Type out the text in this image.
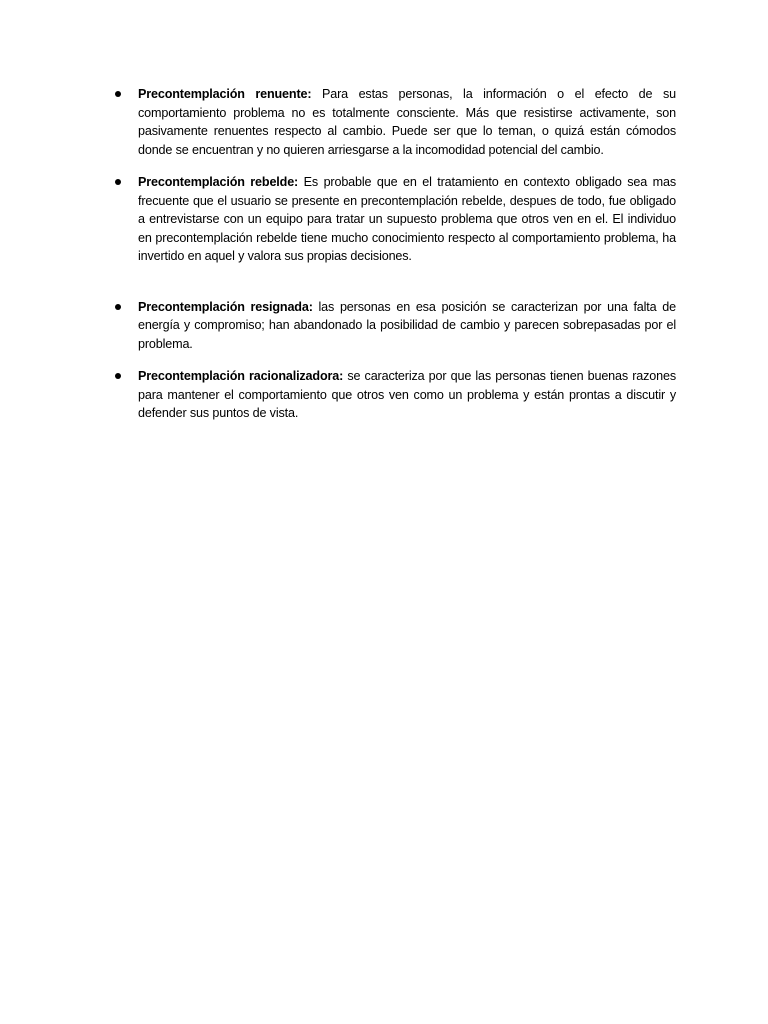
Precontemplación renuente: Para estas personas, la información o el efecto de su comportamiento problema no es totalmente consciente. Más que resistirse activamente, son pasivamente renuentes respecto al cambio. Puede ser que lo teman, o quizá están cómodos donde se encuentran y no quieren arriesgarse a la incomodidad potencial del cambio.
Precontemplación rebelde: Es probable que en el tratamiento en contexto obligado sea mas frecuente que el usuario se presente en precontemplación rebelde, despues de todo, fue obligado a entrevistarse con un equipo para tratar un supuesto problema que otros ven en el. El individuo en precontemplación rebelde tiene mucho conocimiento respecto al comportamiento problema, ha invertido en aquel y valora sus propias decisiones.
Precontemplación resignada: las personas en esa posición se caracterizan por una falta de energía y compromiso; han abandonado la posibilidad de cambio y parecen sobrepasadas por el problema.
Precontemplación racionalizadora: se caracteriza por que las personas tienen buenas razones para mantener el comportamiento que otros ven como un problema y están prontas a discutir y defender sus puntos de vista.
